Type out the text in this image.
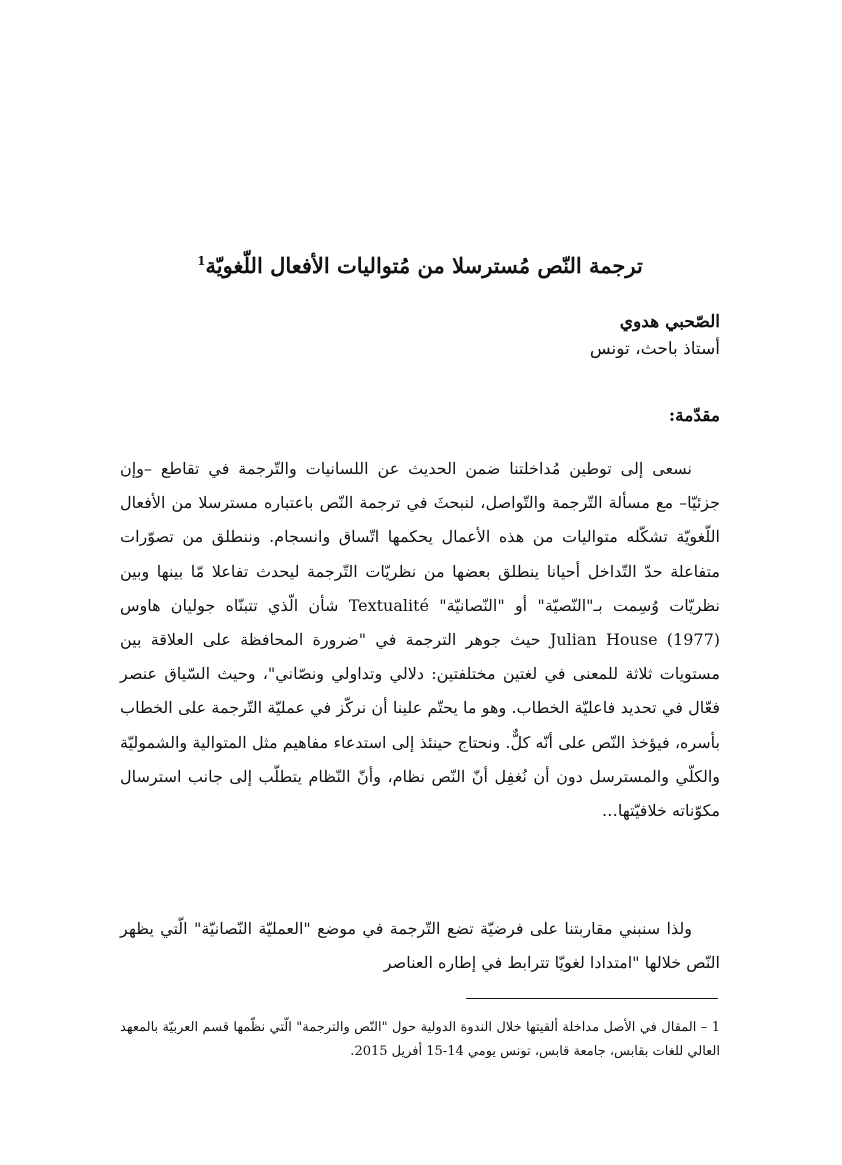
ترجمة النّص مُسترسلا من مُتواليات الأفعال اللّغويّة$^1$
الصّحبي هدوي
أستاذ باحث، تونس
مقدّمة:
نسعى إلى توطين مُداخلتنا ضمن الحديث عن اللسانيات والتّرجمة في تقاطع –وإن جزئيّا– مع مسألة التّرجمة والتّواصل، لنبحثَ في ترجمة النّص باعتباره مسترسلا من الأفعال اللّغويّة تشكّله متواليات من هذه الأعمال يحكمها اتّساق وانسجام. وننطلق من تصوّرات متفاعلة حدّ التّداخل أحيانا ينطلق بعضها من نظريّات التّرجمة ليحدث تفاعلا مّا بينها وبين نظريّات وُسِمت بـ"النّصيّة" أو "النّصانيّة" Textualité شأن الّذي تتبنّاه جوليان هاوس Julian House (1977) حيث جوهر الترجمة في "ضرورة المحافظة على العلاقة بين مستويات ثلاثة للمعنى في لغتين مختلفتين: دلالي وتداولي ونصّاني"، وحيث السّياق عنصر فعّال في تحديد فاعليّة الخطاب. وهو ما يحتّم علينا أن نركّز في عمليّة التّرجمة على الخطاب بأسره، فيؤخذ النّص على أنّه كلٌّ. ونحتاج حينئذ إلى استدعاء مفاهيم مثل المتوالية والشموليّة والكلّي والمسترسل دون أن نُغفِل أنّ النّص نظام، وأنّ النّظام يتطلّب إلى جانب استرسال مكوّناته خلافيّتها…
ولذا سنبني مقاربتنا على فرضيّة تضع التّرجمة في موضع "العمليّة النّصانيّة" الّتي يظهر النّص خلالها "امتدادا لغويّا تترابط في إطاره العناصر
1 – المقال في الأصل مداخلة ألقيتها خلال الندوة الدولية حول "النّص والترجمة" الّتي نظّمها قسم العربيّة بالمعهد العالي للغات بقابس، جامعة قابس، تونس يومي 14-15 أفريل 2015.
